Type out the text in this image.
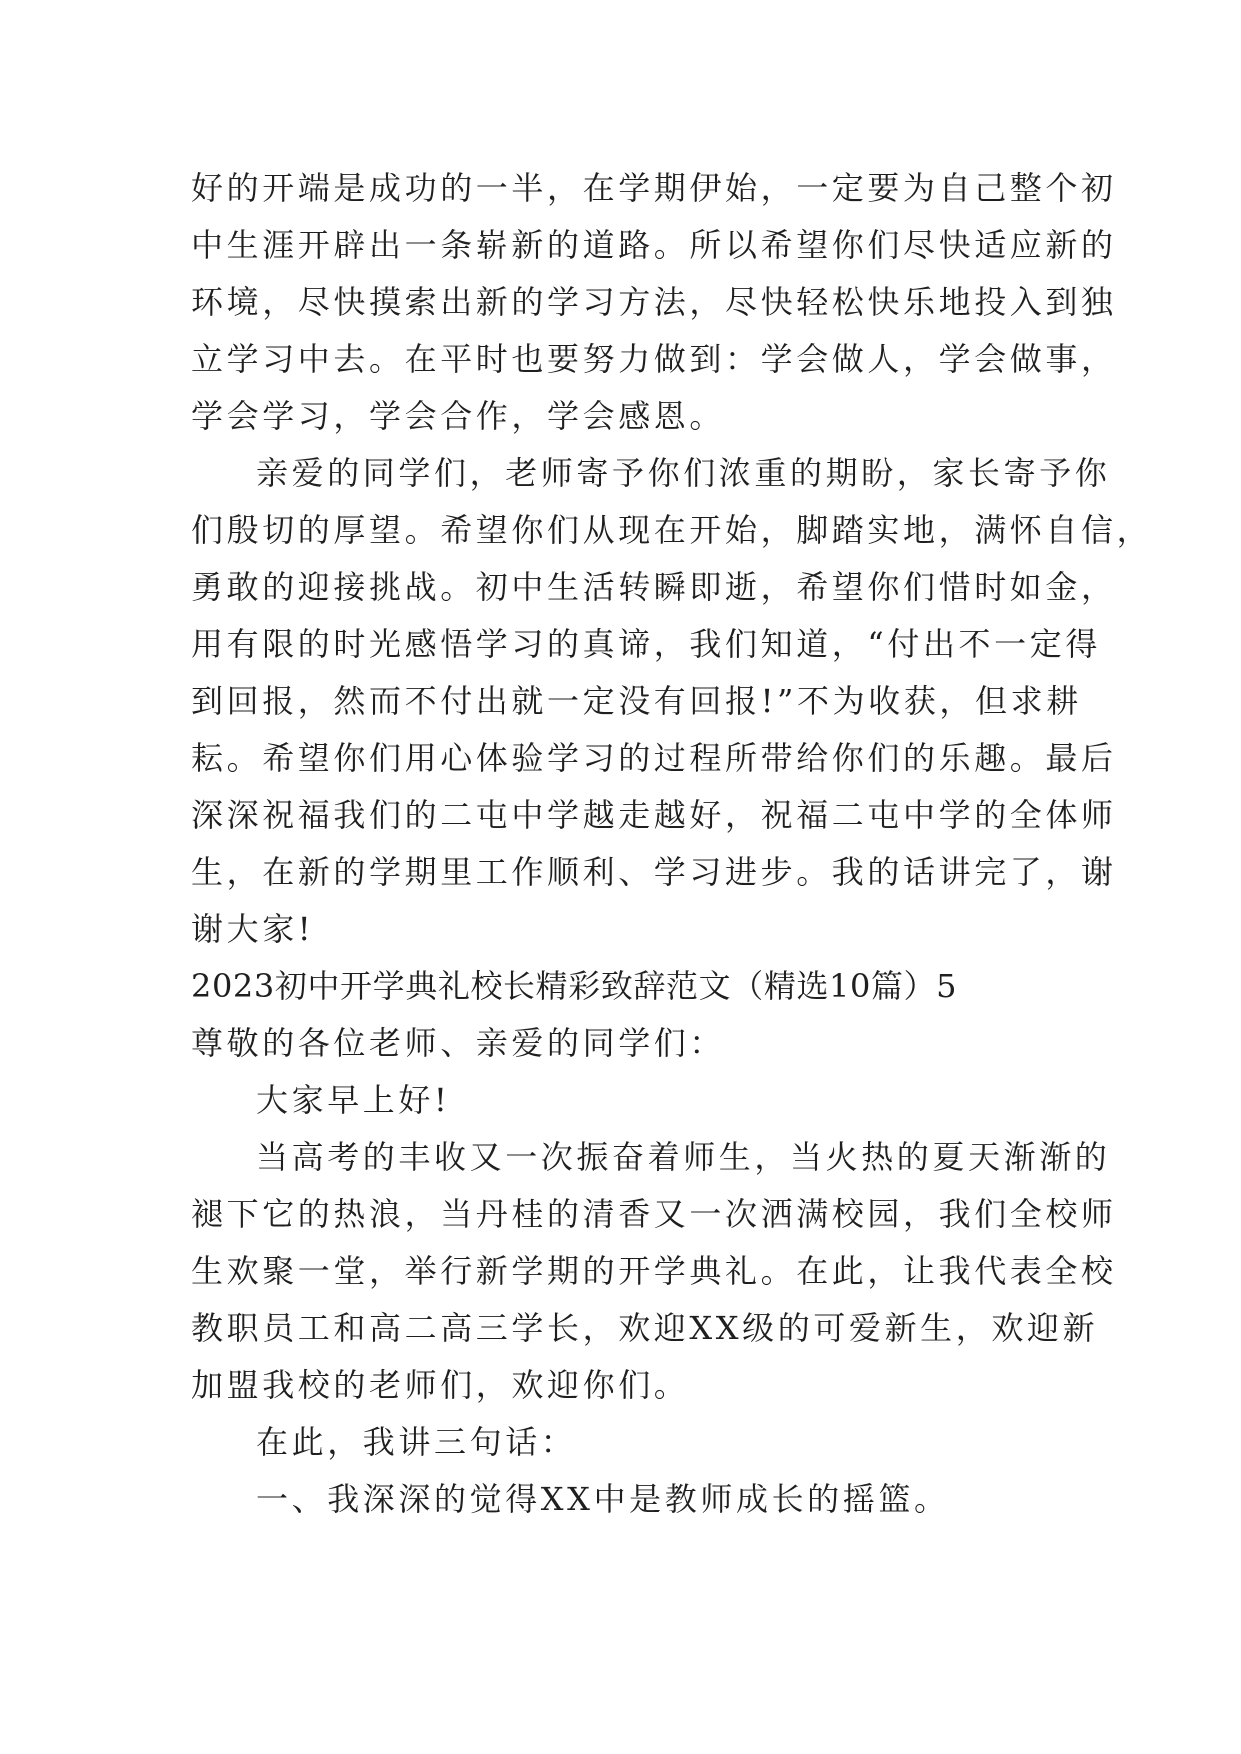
好的开端是成功的一半，在学期伊始，一定要为自己整个初
中生涯开辟出一条崭新的道路。所以希望你们尽快适应新的
环境，尽快摸索出新的学习方法，尽快轻松快乐地投入到独
立学习中去。在平时也要努力做到：学会做人，学会做事，
学会学习，学会合作，学会感恩。
亲爱的同学们，老师寄予你们浓重的期盼，家长寄予你
们殷切的厚望。希望你们从现在开始，脚踏实地，满怀自信，
勇敢的迎接挑战。初中生活转瞬即逝，希望你们惜时如金，
用有限的时光感悟学习的真谛，我们知道，“付出不一定得
到回报，然而不付出就一定没有回报!”不为收获，但求耕
耘。希望你们用心体验学习的过程所带给你们的乐趣。最后
深深祝福我们的二屯中学越走越好，祝福二屯中学的全体师
生，在新的学期里工作顺利、学习进步。我的话讲完了，谢
谢大家!
2023初中开学典礼校长精彩致辞范文（精选10篇）5
尊敬的各位老师、亲爱的同学们：
大家早上好!
当高考的丰收又一次振奋着师生，当火热的夏天渐渐的
褪下它的热浪，当丹桂的清香又一次洒满校园，我们全校师
生欢聚一堂，举行新学期的开学典礼。在此，让我代表全校
教职员工和高二高三学长，欢迎XX级的可爱新生，欢迎新
加盟我校的老师们，欢迎你们。
在此，我讲三句话：
一、我深深的觉得XX中是教师成长的摇篮。
